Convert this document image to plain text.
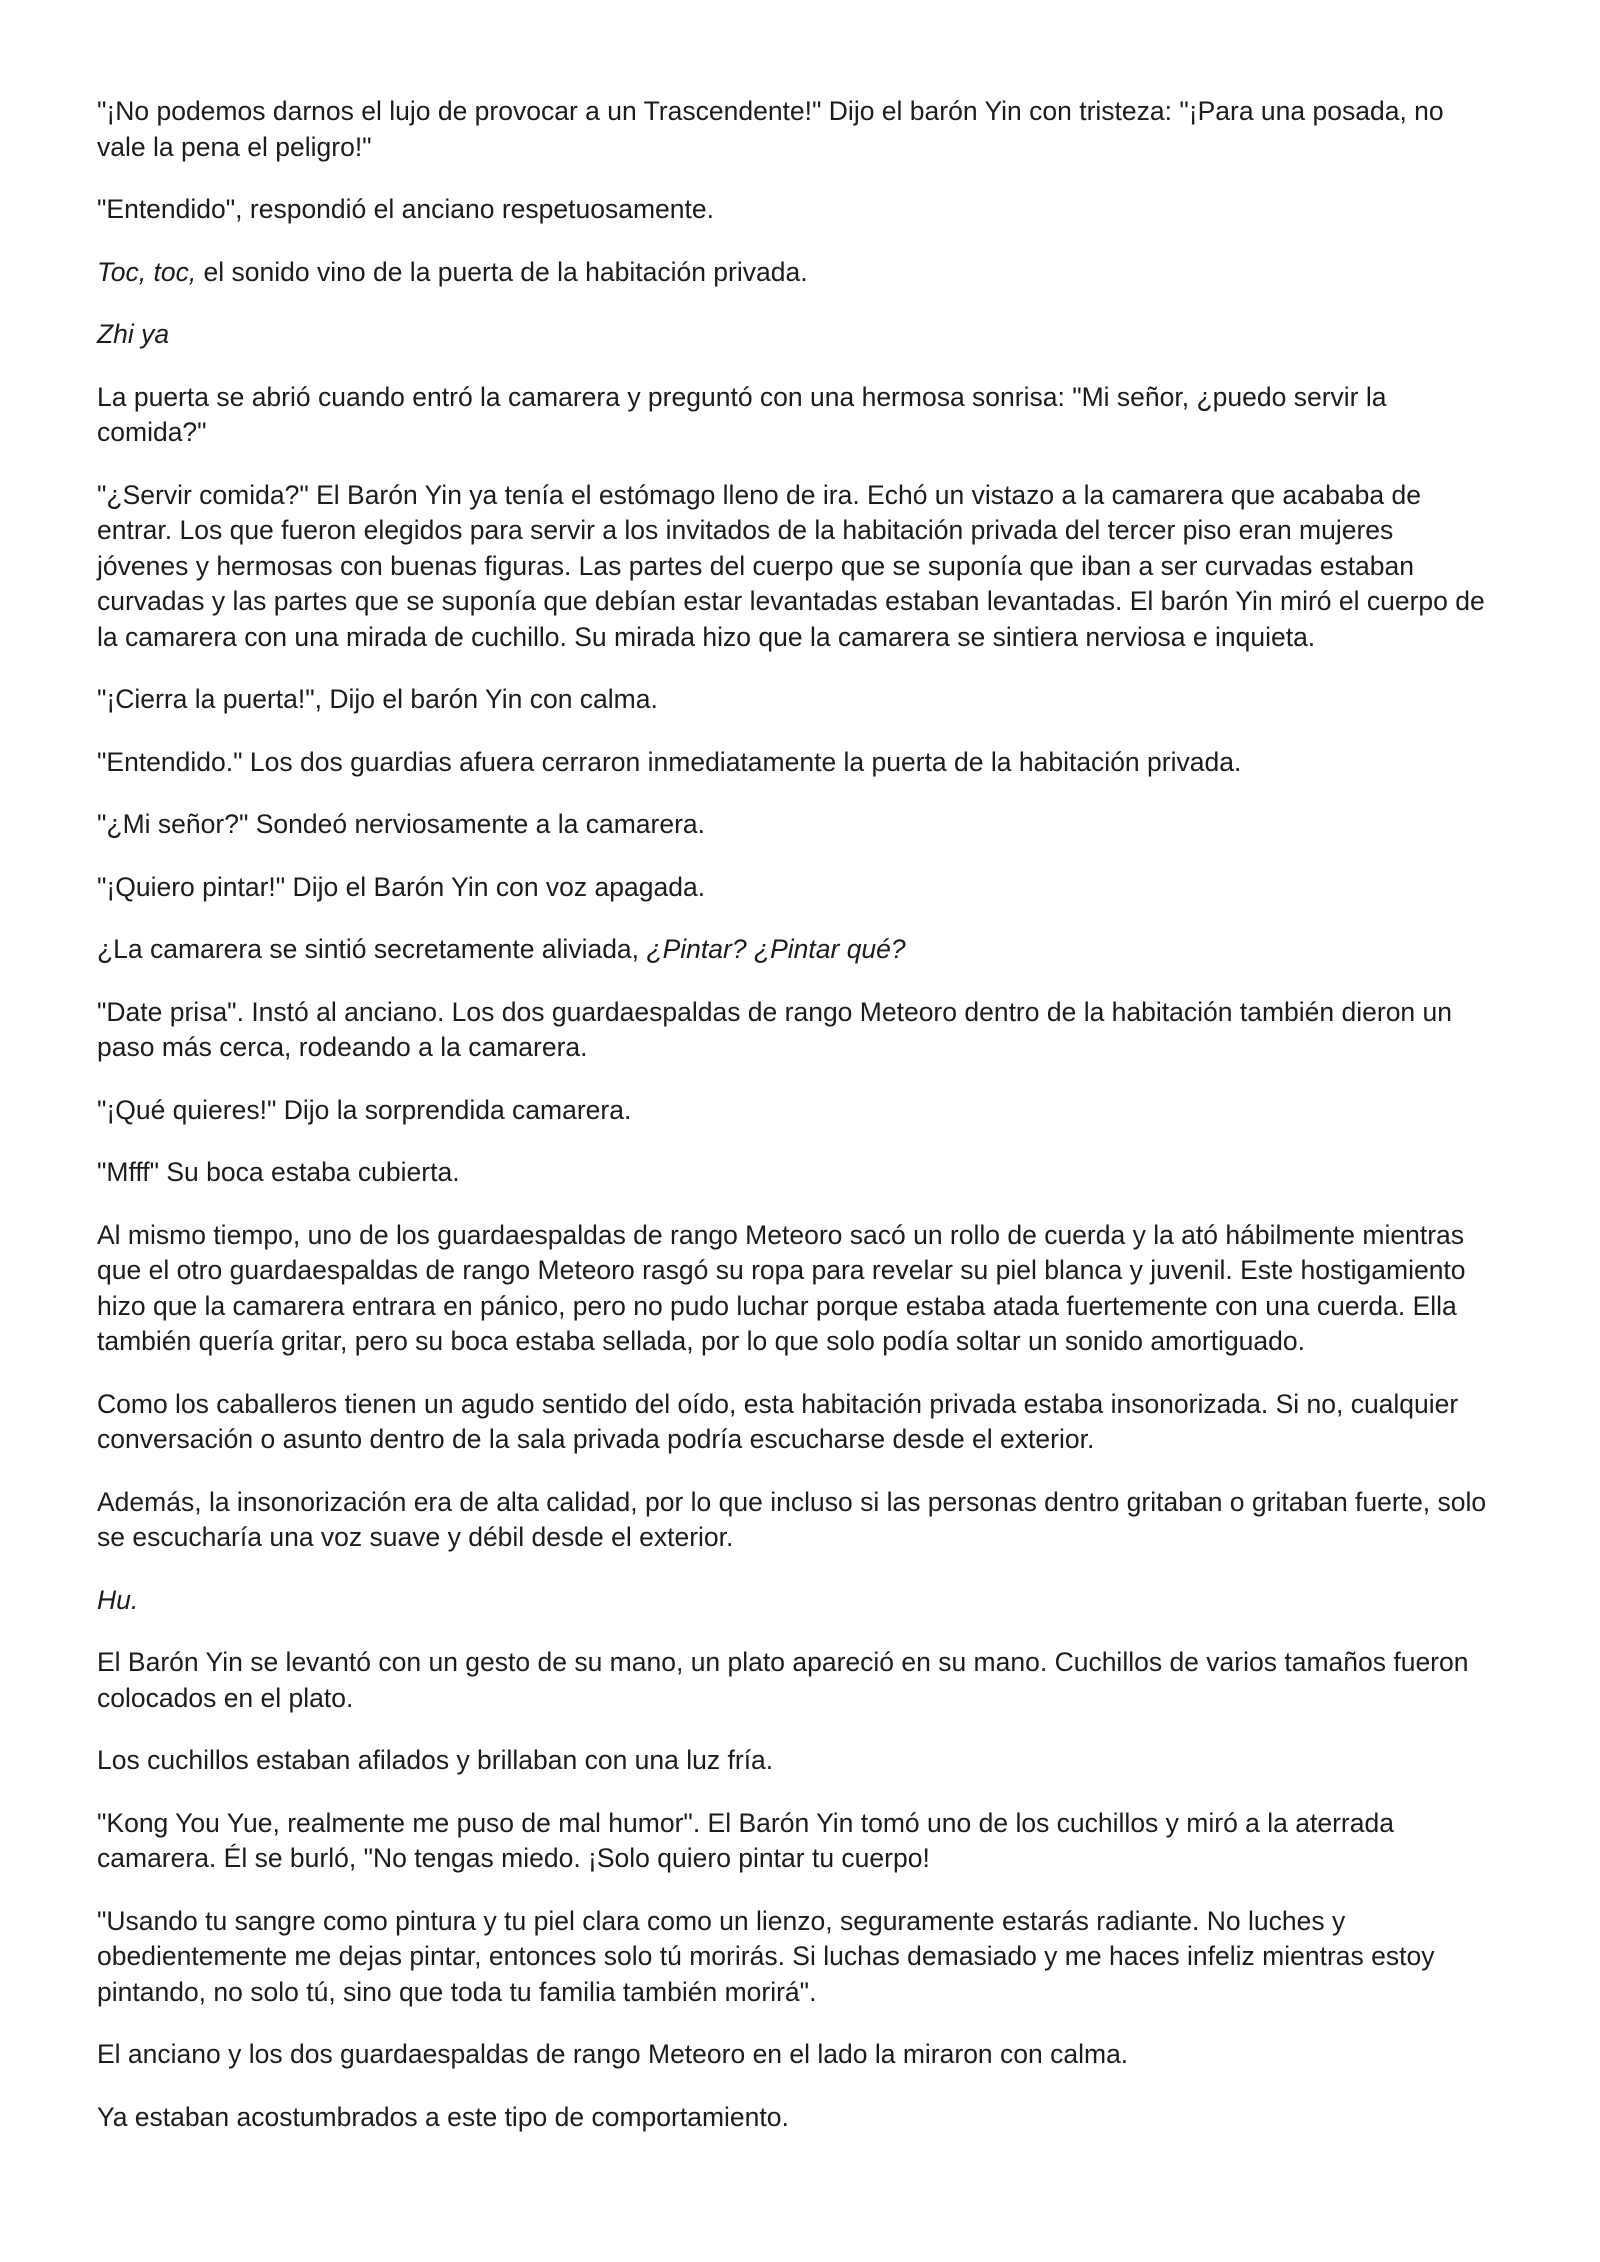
"¡No podemos darnos el lujo de provocar a un Trascendente!" Dijo el barón Yin con tristeza: "¡Para una posada, no vale la pena el peligro!"

"Entendido", respondió el anciano respetuosamente.

Toc, toc, el sonido vino de la puerta de la habitación privada.

Zhi ya

La puerta se abrió cuando entró la camarera y preguntó con una hermosa sonrisa: "Mi señor, ¿puedo servir la comida?"

"¿Servir comida?" El Barón Yin ya tenía el estómago lleno de ira. Echó un vistazo a la camarera que acababa de entrar. Los que fueron elegidos para servir a los invitados de la habitación privada del tercer piso eran mujeres jóvenes y hermosas con buenas figuras. Las partes del cuerpo que se suponía que iban a ser curvadas estaban curvadas y las partes que se suponía que debían estar levantadas estaban levantadas. El barón Yin miró el cuerpo de la camarera con una mirada de cuchillo. Su mirada hizo que la camarera se sintiera nerviosa e inquieta.

"¡Cierra la puerta!", Dijo el barón Yin con calma.

"Entendido." Los dos guardias afuera cerraron inmediatamente la puerta de la habitación privada.

"¿Mi señor?" Sondeó nerviosamente a la camarera.

"¡Quiero pintar!" Dijo el Barón Yin con voz apagada.

¿La camarera se sintió secretamente aliviada, ¿Pintar? ¿Pintar qué?

"Date prisa". Instó al anciano. Los dos guardaespaldas de rango Meteoro dentro de la habitación también dieron un paso más cerca, rodeando a la camarera.

"¡Qué quieres!" Dijo la sorprendida camarera.

"Mfff" Su boca estaba cubierta.

Al mismo tiempo, uno de los guardaespaldas de rango Meteoro sacó un rollo de cuerda y la ató hábilmente mientras que el otro guardaespaldas de rango Meteoro rasgó su ropa para revelar su piel blanca y juvenil. Este hostigamiento hizo que la camarera entrara en pánico, pero no pudo luchar porque estaba atada fuertemente con una cuerda. Ella también quería gritar, pero su boca estaba sellada, por lo que solo podía soltar un sonido amortiguado.

Como los caballeros tienen un agudo sentido del oído, esta habitación privada estaba insonorizada. Si no, cualquier conversación o asunto dentro de la sala privada podría escucharse desde el exterior.

Además, la insonorización era de alta calidad, por lo que incluso si las personas dentro gritaban o gritaban fuerte, solo se escucharía una voz suave y débil desde el exterior.

Hu.

El Barón Yin se levantó con un gesto de su mano, un plato apareció en su mano. Cuchillos de varios tamaños fueron colocados en el plato.

Los cuchillos estaban afilados y brillaban con una luz fría.

"Kong You Yue, realmente me puso de mal humor". El Barón Yin tomó uno de los cuchillos y miró a la aterrada camarera. Él se burló, "No tengas miedo. ¡Solo quiero pintar tu cuerpo!

"Usando tu sangre como pintura y tu piel clara como un lienzo, seguramente estarás radiante. No luches y obedientemente me dejas pintar, entonces solo tú morirás. Si luchas demasiado y me haces infeliz mientras estoy pintando, no solo tú, sino que toda tu familia también morirá".

El anciano y los dos guardaespaldas de rango Meteoro en el lado la miraron con calma.

Ya estaban acostumbrados a este tipo de comportamiento.
